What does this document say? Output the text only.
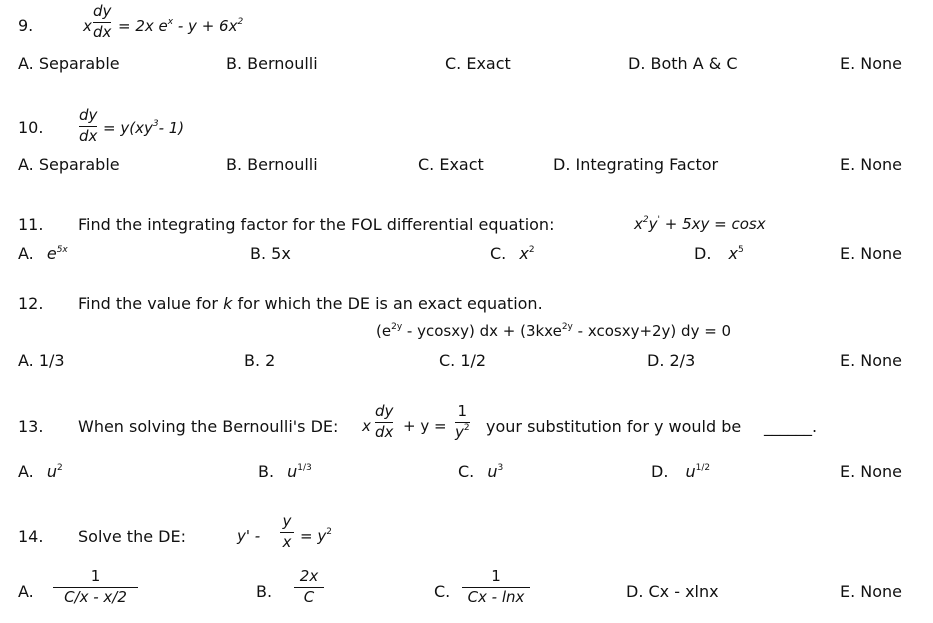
9.	x
dy
dx = 2x $e^x - y + 6x^2$
A. Separable	B. Bernoulli	C. Exact	D. Both A & C	E. None
10.
dy
dx = $y(xy^3-$ 1)
A. Separable	B. Bernoulli	C. Exact	D. Integrating Factor	E. None
11. Find the integrating factor for the FOL differential equation:	$x^2y' + 5xy = \cos x$
A. $e^{5x}$	B. 5x	C. $x^2$	D. $x^5$	E. None
12. Find the value for k for which the DE is an exact equation.
($e^{2y}$ - ycosxy) dx + (3kxe$^{2y}$ - xcosxy+2y) dy = 0
A. 1/3	B. 2	C. 1/2	D. 2/3	E. None
13. When solving the Bernoulli's DE: x
dy
dx + y =
1
$y^2$ your substitution for y would be ______.
A. $u^2$	B. $u^{1/3}$	C. $u^3$	D. $u^{1/2}$	E. None
14. Solve the DE:	y' -
y
$x = y^2$
A.
1
C/x - x/2	B.
2x
C	C.
1
Cx - lnx	D. Cx - xlnx	E. None
